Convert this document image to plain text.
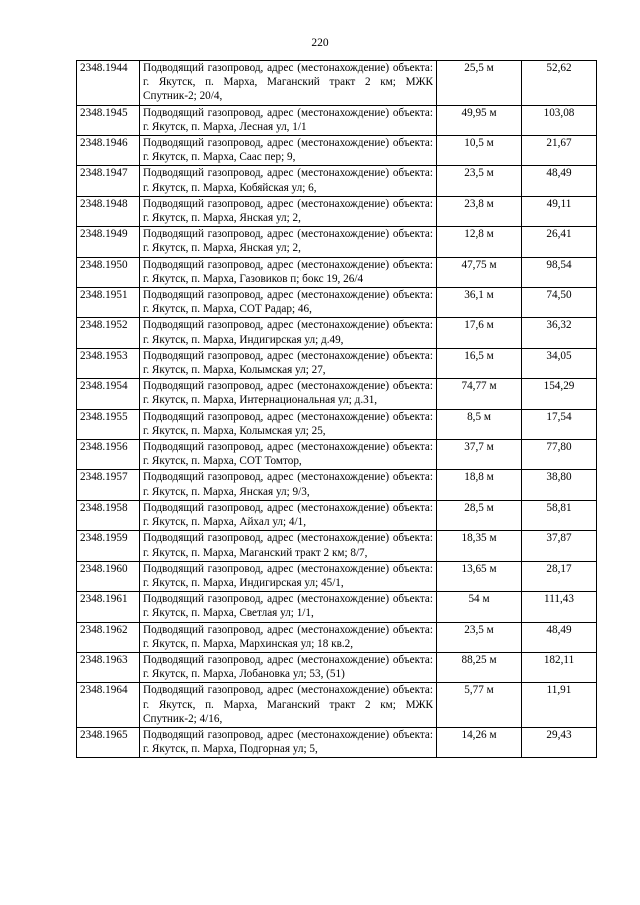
220
2348.1944	Подводящий газопровод, адрес (местонахождение) объекта: г. Якутск, п. Марха, Маганский тракт 2 км; МЖК Спутник-2; 20/4,	25,5 м	52,62
2348.1945	Подводящий газопровод, адрес (местонахождение) объекта: г. Якутск, п. Марха, Лесная ул, 1/1	49,95 м	103,08
2348.1946	Подводящий газопровод, адрес (местонахождение) объекта: г. Якутск, п. Марха, Саас пер; 9,	10,5 м	21,67
2348.1947	Подводящий газопровод, адрес (местонахождение) объекта: г. Якутск, п. Марха, Кобяйская ул; 6,	23,5 м	48,49
2348.1948	Подводящий газопровод, адрес (местонахождение) объекта: г. Якутск, п. Марха, Янская ул; 2,	23,8 м	49,11
2348.1949	Подводящий газопровод, адрес (местонахождение) объекта: г. Якутск, п. Марха, Янская ул; 2,	12,8 м	26,41
2348.1950	Подводящий газопровод, адрес (местонахождение) объекта: г. Якутск, п. Марха, Газовиков п; бокс 19, 26/4	47,75 м	98,54
2348.1951	Подводящий газопровод, адрес (местонахождение) объекта: г. Якутск, п. Марха, СОТ Радар; 46,	36,1 м	74,50
2348.1952	Подводящий газопровод, адрес (местонахождение) объекта: г. Якутск, п. Марха, Индигирская ул; д.49,	17,6 м	36,32
2348.1953	Подводящий газопровод, адрес (местонахождение) объекта: г. Якутск, п. Марха, Колымская ул; 27,	16,5 м	34,05
2348.1954	Подводящий газопровод, адрес (местонахождение) объекта: г. Якутск, п. Марха, Интернациональная ул; д.31,	74,77 м	154,29
2348.1955	Подводящий газопровод, адрес (местонахождение) объекта: г. Якутск, п. Марха, Колымская ул; 25,	8,5 м	17,54
2348.1956	Подводящий газопровод, адрес (местонахождение) объекта: г. Якутск, п. Марха, СОТ Томтор,	37,7 м	77,80
2348.1957	Подводящий газопровод, адрес (местонахождение) объекта: г. Якутск, п. Марха, Янская ул; 9/3,	18,8 м	38,80
2348.1958	Подводящий газопровод, адрес (местонахождение) объекта: г. Якутск, п. Марха, Айхал ул; 4/1,	28,5 м	58,81
2348.1959	Подводящий газопровод, адрес (местонахождение) объекта: г. Якутск, п. Марха, Маганский тракт 2 км; 8/7,	18,35 м	37,87
2348.1960	Подводящий газопровод, адрес (местонахождение) объекта: г. Якутск, п. Марха, Индигирская ул; 45/1,	13,65 м	28,17
2348.1961	Подводящий газопровод, адрес (местонахождение) объекта: г. Якутск, п. Марха, Светлая ул; 1/1,	54 м	111,43
2348.1962	Подводящий газопровод, адрес (местонахождение) объекта: г. Якутск, п. Марха, Мархинская ул; 18 кв.2,	23,5 м	48,49
2348.1963	Подводящий газопровод, адрес (местонахождение) объекта: г. Якутск, п. Марха, Лобановка ул; 53, (51)	88,25 м	182,11
2348.1964	Подводящий газопровод, адрес (местонахождение) объекта: г. Якутск, п. Марха, Маганский тракт 2 км; МЖК Спутник-2; 4/16,	5,77 м	11,91
2348.1965	Подводящий газопровод, адрес (местонахождение) объекта: г. Якутск, п. Марха, Подгорная ул; 5,	14,26 м	29,43
